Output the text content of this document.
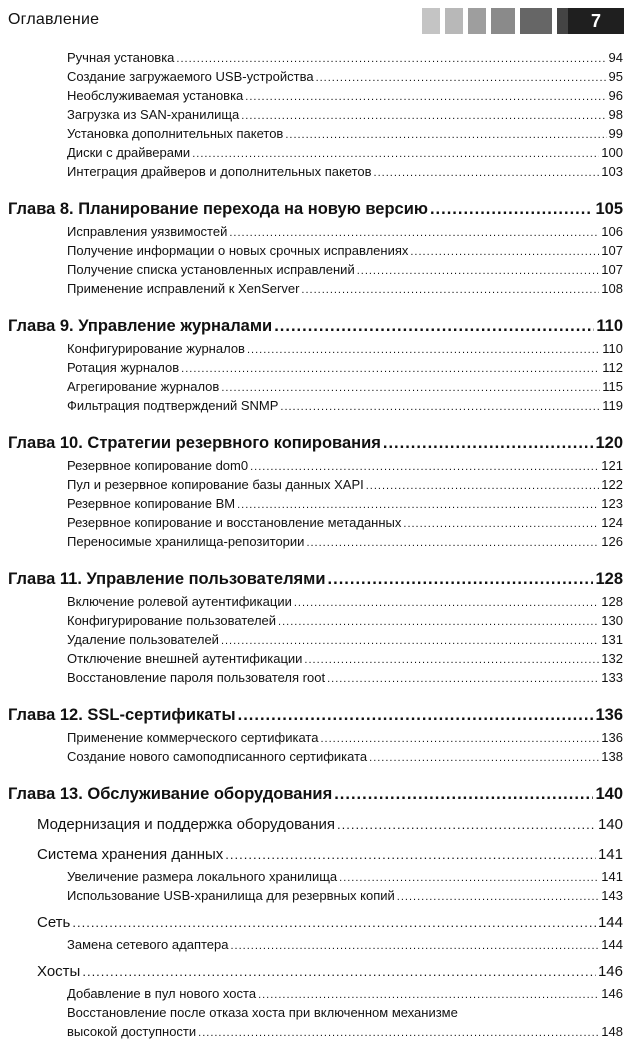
Оглавление	7
Ручная установка .....	94
Создание загружаемого USB-устройства .....	95
Необслуживаемая установка .....	96
Загрузка из SAN-хранилища .....	98
Установка дополнительных пакетов .....	99
Диски с драйверами .....	100
Интеграция драйверов и дополнительных пакетов .....	103
Глава 8. Планирование перехода на новую версию .....	105
Исправления уязвимостей .....	106
Получение информации о новых срочных исправлениях .....	107
Получение списка установленных исправлений .....	107
Применение исправлений к XenServer .....	108
Глава 9. Управление журналами .....	110
Конфигурирование журналов .....	110
Ротация журналов .....	112
Агрегирование журналов .....	115
Фильтрация подтверждений SNMP .....	119
Глава 10. Стратегии резервного копирования .....	120
Резервное копирование dom0 .....	121
Пул и резервное копирование базы данных XAPI .....	122
Резервное копирование ВМ .....	123
Резервное копирование и восстановление метаданных .....	124
Переносимые хранилища-репозитории .....	126
Глава 11. Управление пользователями .....	128
Включение ролевой аутентификации .....	128
Конфигурирование пользователей .....	130
Удаление пользователей .....	131
Отключение внешней аутентификации .....	132
Восстановление пароля пользователя root .....	133
Глава 12. SSL-сертификаты .....	136
Применение коммерческого сертификата .....	136
Создание нового самоподписанного сертификата .....	138
Глава 13. Обслуживание оборудования .....	140
Модернизация и поддержка оборудования .....	140
Система хранения данных .....	141
Увеличение размера локального хранилища .....	141
Использование USB-хранилища для резервных копий .....	143
Сеть .....	144
Замена сетевого адаптера .....	144
Хосты .....	146
Добавление в пул нового хоста .....	146
Восстановление после отказа хоста при включенном механизме
высокой доступности .....	148
